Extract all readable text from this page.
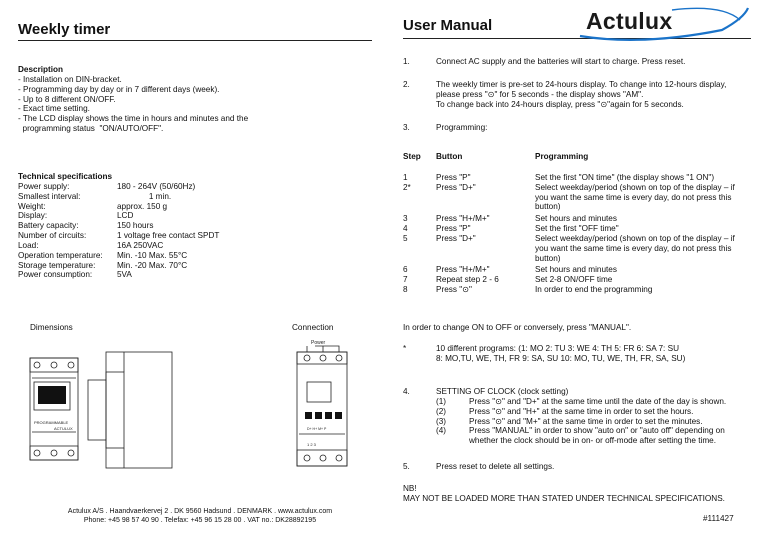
Weekly timer	User Manual	Actulux
Description
- Installation on DIN-bracket.
- Programming day by day or in 7 different days (week).
- Up to 8 different ON/OFF.
- Exact time setting.
- The LCD display shows the time in hours and minutes and the
programming status  "ON/AUTO/OFF".
Technical specifications
Power supply:	180 - 264V (50/60Hz)
Smallest interval:	1 min.
Weight:	approx. 150 g
Display:	LCD
Battery capacity:	150 hours
Number of circuits:	1 voltage free contact SPDT
Load:	16A 250VAC
Operation temperature:	Min. -10 Max. 55°C
Storage temperature:	Min. -20 Max. 70°C
Power consumption:	5VA
Dimensions	Connection
PROGRAMMABLE
ACTULUX
Power
D+ H+ M+ P
1 2 3
Actulux A/S . Haandvaerkervej 2 . DK 9560 Hadsund . DENMARK . www.actulux.com
Phone: +45 98 57 40 90 . Telefax: +45 96 15 28 00 . VAT no.: DK28892195
1.	Connect AC supply and the batteries will start to charge. Press reset.
2.	The weekly timer is pre-set to 24-hours display. To change into 12-hours display,
please press "⊙" for 5 seconds - the display shows "AM".
To change back into 24-hours display, press "⊙"again for 5 seconds.
3.	Programming:
Step	Button	Programming
1	Press "P"	Set the first "ON time" (the display shows "1 ON")
2*	Press "D+"	Select weekday/period (shown on top of the display – if
you want the same time is every day, do not press this
button)
3	Press "H+/M+"	Set hours and minutes
4	Press "P"	Set the first "OFF time"
5	Press "D+"	Select weekday/period (shown on top of the display – if
you want the same time is every day, do not press this
button)
6	Press "H+/M+"	Set hours and minutes
7	Repeat step 2 - 6	Set 2-8 ON/OFF time
8	Press "⊙"	In order to end the programming
In order to change ON to OFF or conversely, press "MANUAL".
*	10 different programs: (1: MO 2: TU 3: WE 4: TH 5: FR 6: SA 7: SU
8: MO,TU, WE, TH, FR 9: SA, SU 10: MO, TU, WE, TH, FR, SA, SU)
4.	SETTING OF CLOCK (clock setting)
(1)	Press "⊙" and "D+" at the same time until the date of the day is shown.
(2)	Press "⊙" and "H+" at the same time in order to set the hours.
(3)	Press "⊙" and "M+" at the same time in order to set the minutes.
(4)	Press "MANUAL" in order to show "auto on" or "auto off" depending on
whether the clock should be in on- or off-mode after setting the time.
5.	Press reset to delete all settings.
NB!
MAY NOT BE LOADED MORE THAN STATED UNDER TECHNICAL SPECIFICATIONS.
#111427
